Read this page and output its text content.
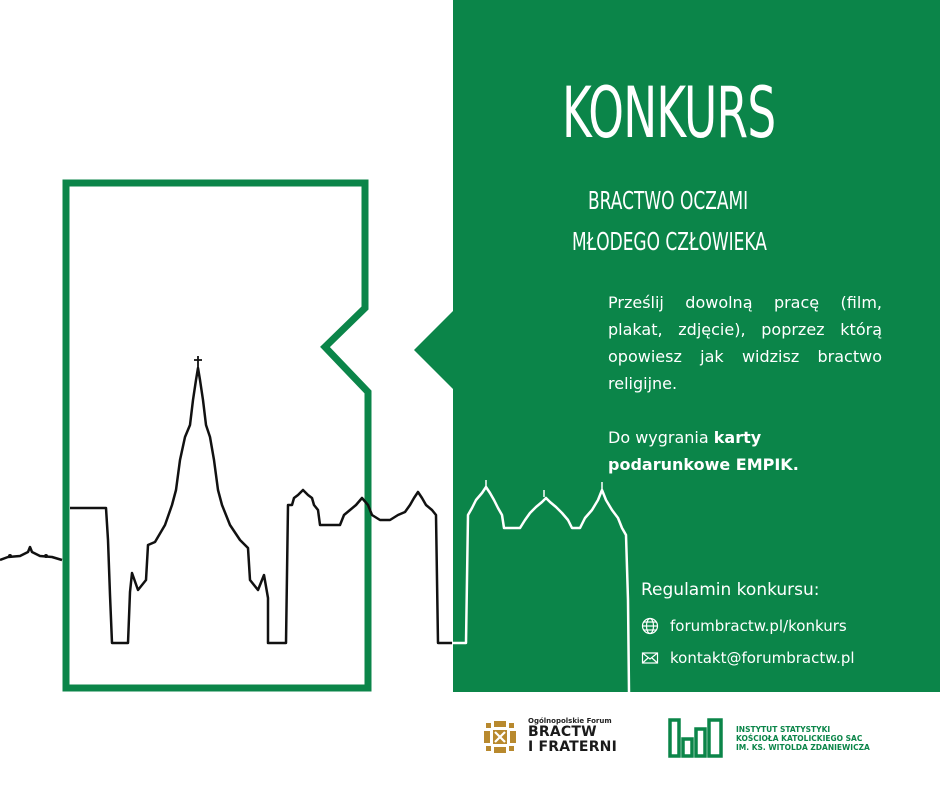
KONKURS
BRACTWO OCZAMI
MŁODEGO CZŁOWIEKA
Prześlij dowolną pracę (film, plakat, zdjęcie), poprzez którą opowiesz jak widzisz bractwo religijne.
Do wygrania karty podarunkowe EMPIK.
Regulamin konkursu:
forumbractw.pl/konkurs
kontakt@forumbractw.pl
Ogólnopolskie Forum
BRACTW
I FRATERNI
INSTYTUT STATYSTYKI
KOŚCIOŁA KATOLICKIEGO SAC
IM. KS. WITOLDA ZDANIEWICZA
